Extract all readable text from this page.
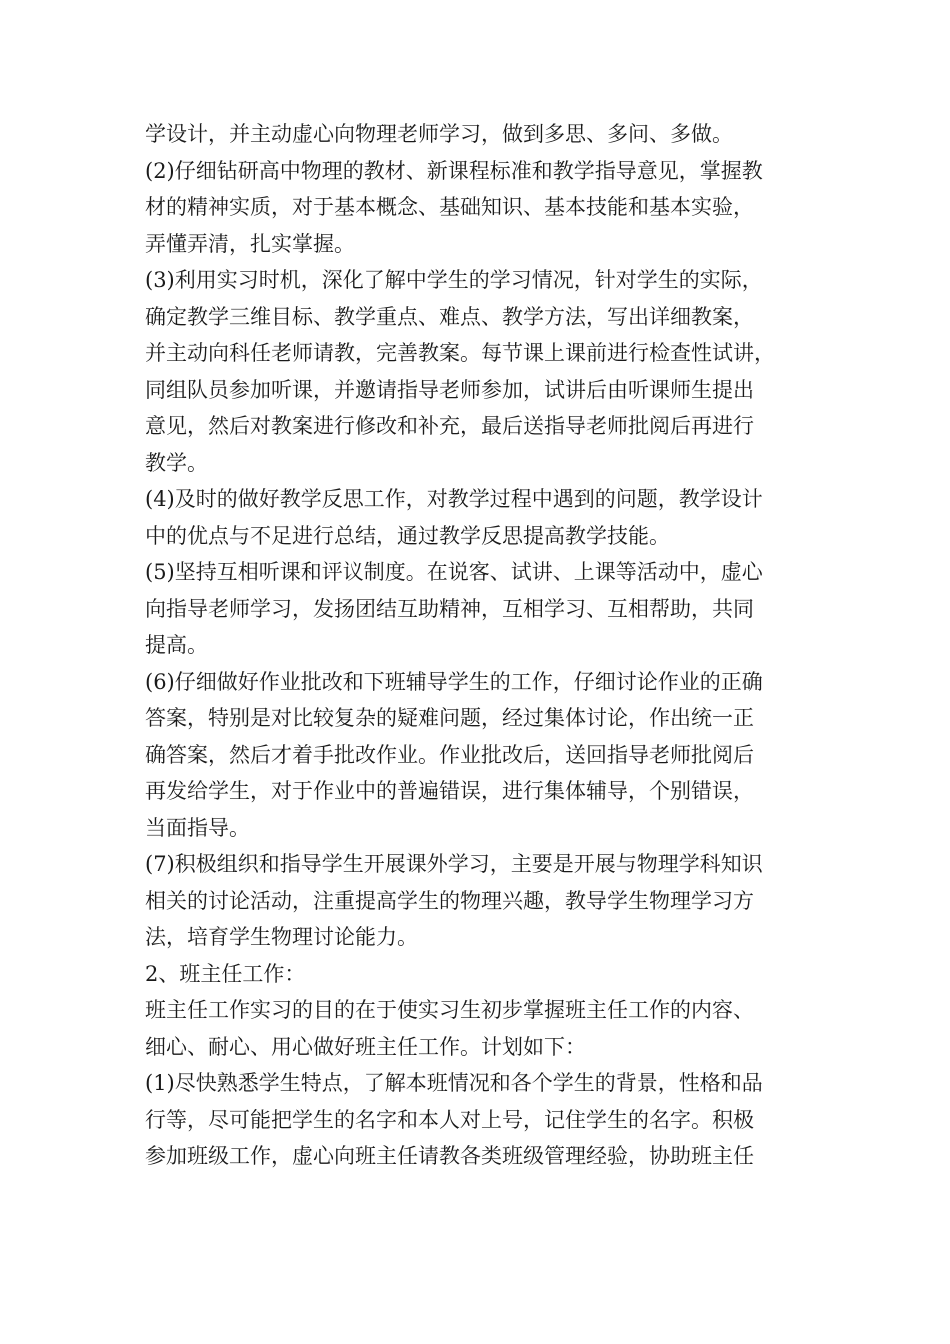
学设计，并主动虚心向物理老师学习，做到多思、多问、多做。
(2)仔细钻研高中物理的教材、新课程标准和教学指导意见，掌握教
材的精神实质，对于基本概念、基础知识、基本技能和基本实验，
弄懂弄清，扎实掌握。
(3)利用实习时机，深化了解中学生的学习情况，针对学生的实际，
确定教学三维目标、教学重点、难点、教学方法，写出详细教案，
并主动向科任老师请教，完善教案。每节课上课前进行检查性试讲，
同组队员参加听课，并邀请指导老师参加，试讲后由听课师生提出
意见，然后对教案进行修改和补充，最后送指导老师批阅后再进行
教学。
(4)及时的做好教学反思工作，对教学过程中遇到的问题，教学设计
中的优点与不足进行总结，通过教学反思提高教学技能。
(5)坚持互相听课和评议制度。在说客、试讲、上课等活动中，虚心
向指导老师学习，发扬团结互助精神，互相学习、互相帮助，共同
提高。
(6)仔细做好作业批改和下班辅导学生的工作，仔细讨论作业的正确
答案，特别是对比较复杂的疑难问题，经过集体讨论，作出统一正
确答案，然后才着手批改作业。作业批改后，送回指导老师批阅后
再发给学生，对于作业中的普遍错误，进行集体辅导，个别错误，
当面指导。
(7)积极组织和指导学生开展课外学习，主要是开展与物理学科知识
相关的讨论活动，注重提高学生的物理兴趣，教导学生物理学习方
法，培育学生物理讨论能力。
2、班主任工作：
班主任工作实习的目的在于使实习生初步掌握班主任工作的内容、
细心、耐心、用心做好班主任工作。计划如下：
(1)尽快熟悉学生特点，了解本班情况和各个学生的背景，性格和品
行等，尽可能把学生的名字和本人对上号，记住学生的名字。积极
参加班级工作，虚心向班主任请教各类班级管理经验，协助班主任
